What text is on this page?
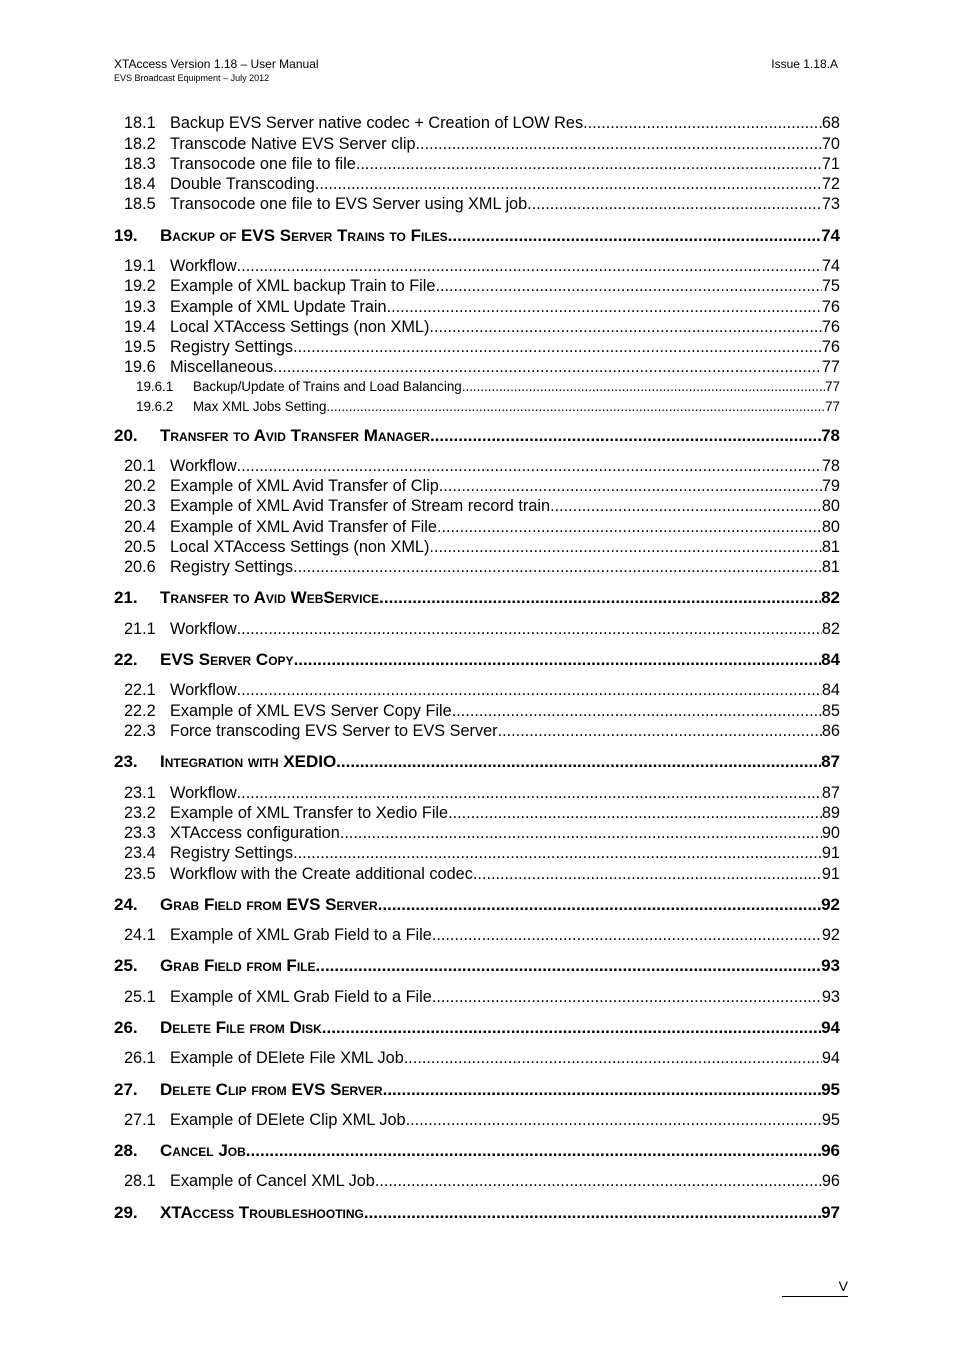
XTAccess Version 1.18 – User Manual
EVS Broadcast Equipment – July 2012
Issue 1.18.A
18.1 Backup EVS Server native codec + Creation of LOW Res .....	68
18.2 Transcode Native EVS Server clip .....	70
18.3 Transocode one file to file .....	71
18.4 Double Transcoding .....	72
18.5 Transocode one file to EVS Server using XML job .....	73
19.	Backup of EVS Server Trains to Files .....	74
19.1 Workflow .....	74
19.2 Example of XML backup Train to File .....	75
19.3 Example of XML Update Train .....	76
19.4 Local XTAccess Settings (non XML) .....	76
19.5 Registry Settings .....	76
19.6 Miscellaneous .....	77
19.6.1	Backup/Update of Trains and Load Balancing .....	77
19.6.2	Max XML Jobs Setting .....	77
20.	Transfer to Avid Transfer Manager .....	78
20.1 Workflow .....	78
20.2 Example of XML Avid Transfer of Clip .....	79
20.3 Example of XML Avid Transfer of Stream record train .....	80
20.4 Example of XML Avid Transfer of File .....	80
20.5 Local XTAccess Settings (non XML) .....	81
20.6 Registry Settings .....	81
21.	Transfer to Avid WebService .....	82
21.1 Workflow .....	82
22.	EVS Server Copy .....	84
22.1 Workflow .....	84
22.2 Example of XML EVS Server Copy File .....	85
22.3 Force transcoding EVS Server to EVS Server .....	86
23.	Integration with XEDIO .....	87
23.1 Workflow .....	87
23.2 Example of XML Transfer to Xedio File .....	89
23.3 XTAccess configuration .....	90
23.4 Registry Settings .....	91
23.5 Workflow with the Create additional codec .....	91
24.	Grab Field from EVS Server .....	92
24.1 Example of XML Grab Field to a File .....	92
25.	Grab Field from File .....	93
25.1 Example of XML Grab Field to a File .....	93
26.	Delete File from Disk .....	94
26.1 Example of DElete File XML Job .....	94
27.	Delete Clip from EVS Server .....	95
27.1 Example of DElete Clip XML Job .....	95
28.	Cancel Job .....	96
28.1 Example of Cancel XML Job .....	96
29.	XTAccess Troubleshooting .....	97
V
